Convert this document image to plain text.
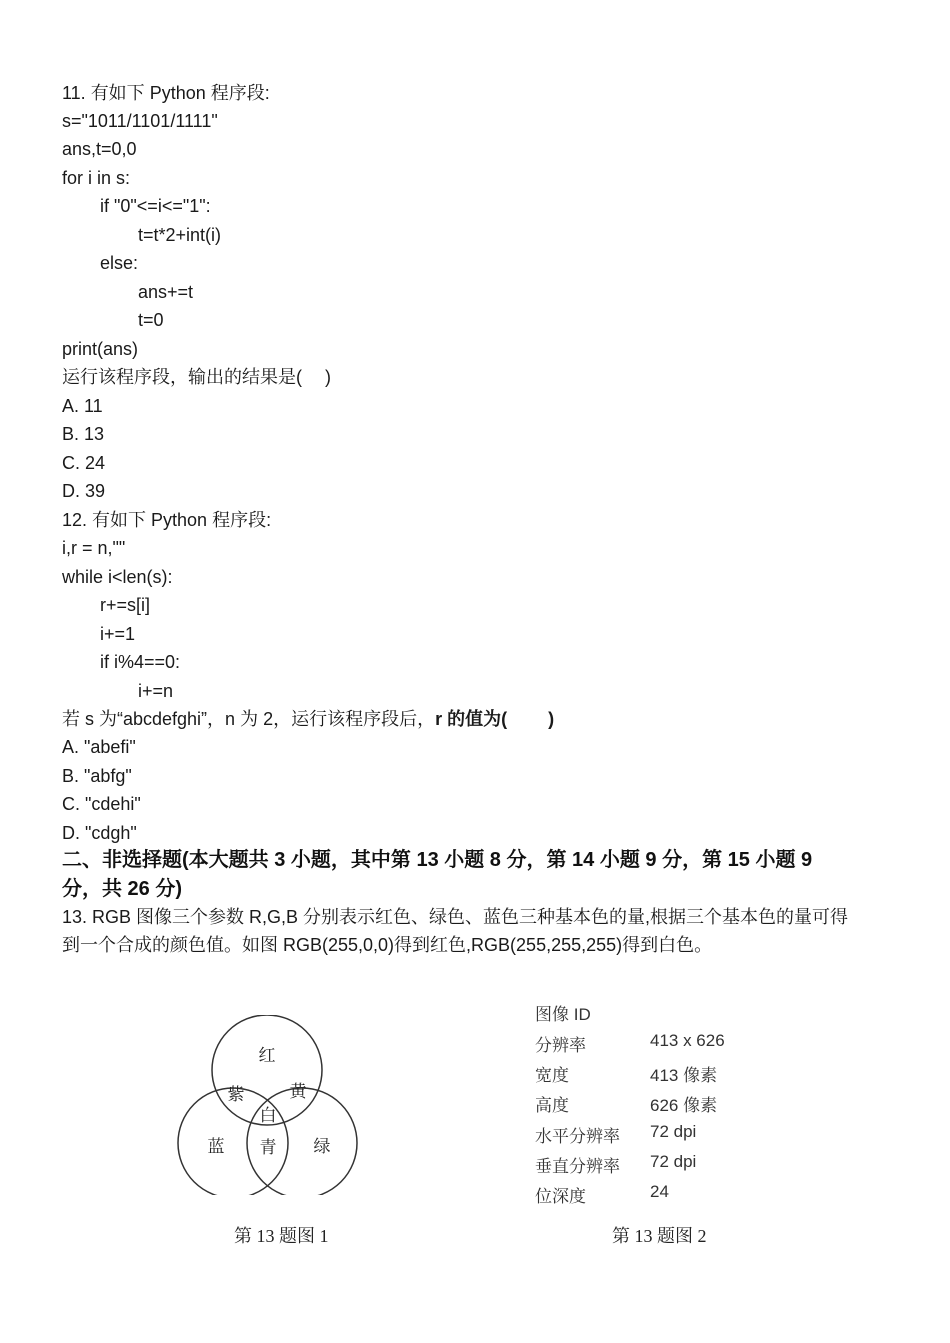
11. 有如下 Python 程序段:
s="1011/1101/1111"
ans,t=0,0
for i in s:
if "0"<=i<="1":
t=t*2+int(i)
else:
ans+=t
t=0
print(ans)
运行该程序段，输出的结果是(　 )
A. 11
B. 13
C. 24
D. 39
12. 有如下 Python 程序段:
i,r = n,""
while i<len(s):
r+=s[i]
i+=1
if i%4==0:
i+=n
若 s 为“abcdefghi”，n 为 2，运行该程序段后，r 的值为(　　 )
A. "abefi"
B. "abfg"
C. "cdehi"
D. "cdgh"
二、非选择题(本大题共 3 小题，其中第 13 小题 8 分，第 14 小题 9 分，第 15 小题 9
分，共 26 分)
13. RGB 图像三个参数 R,G,B 分别表示红色、绿色、蓝色三种基本色的量,根据三个基本色的量可得
到一个合成的颜色值。如图 RGB(255,0,0)得到红色,RGB(255,255,255)得到白色。
红
紫	黄
白
蓝 青 绿
图像 ID
分辨率	413 x 626
宽度	413 像素
高度	626 像素
水平分辨率 72 dpi
垂直分辨率 72 dpi
位深度	24
第 13 题图 1	第 13 题图 2
